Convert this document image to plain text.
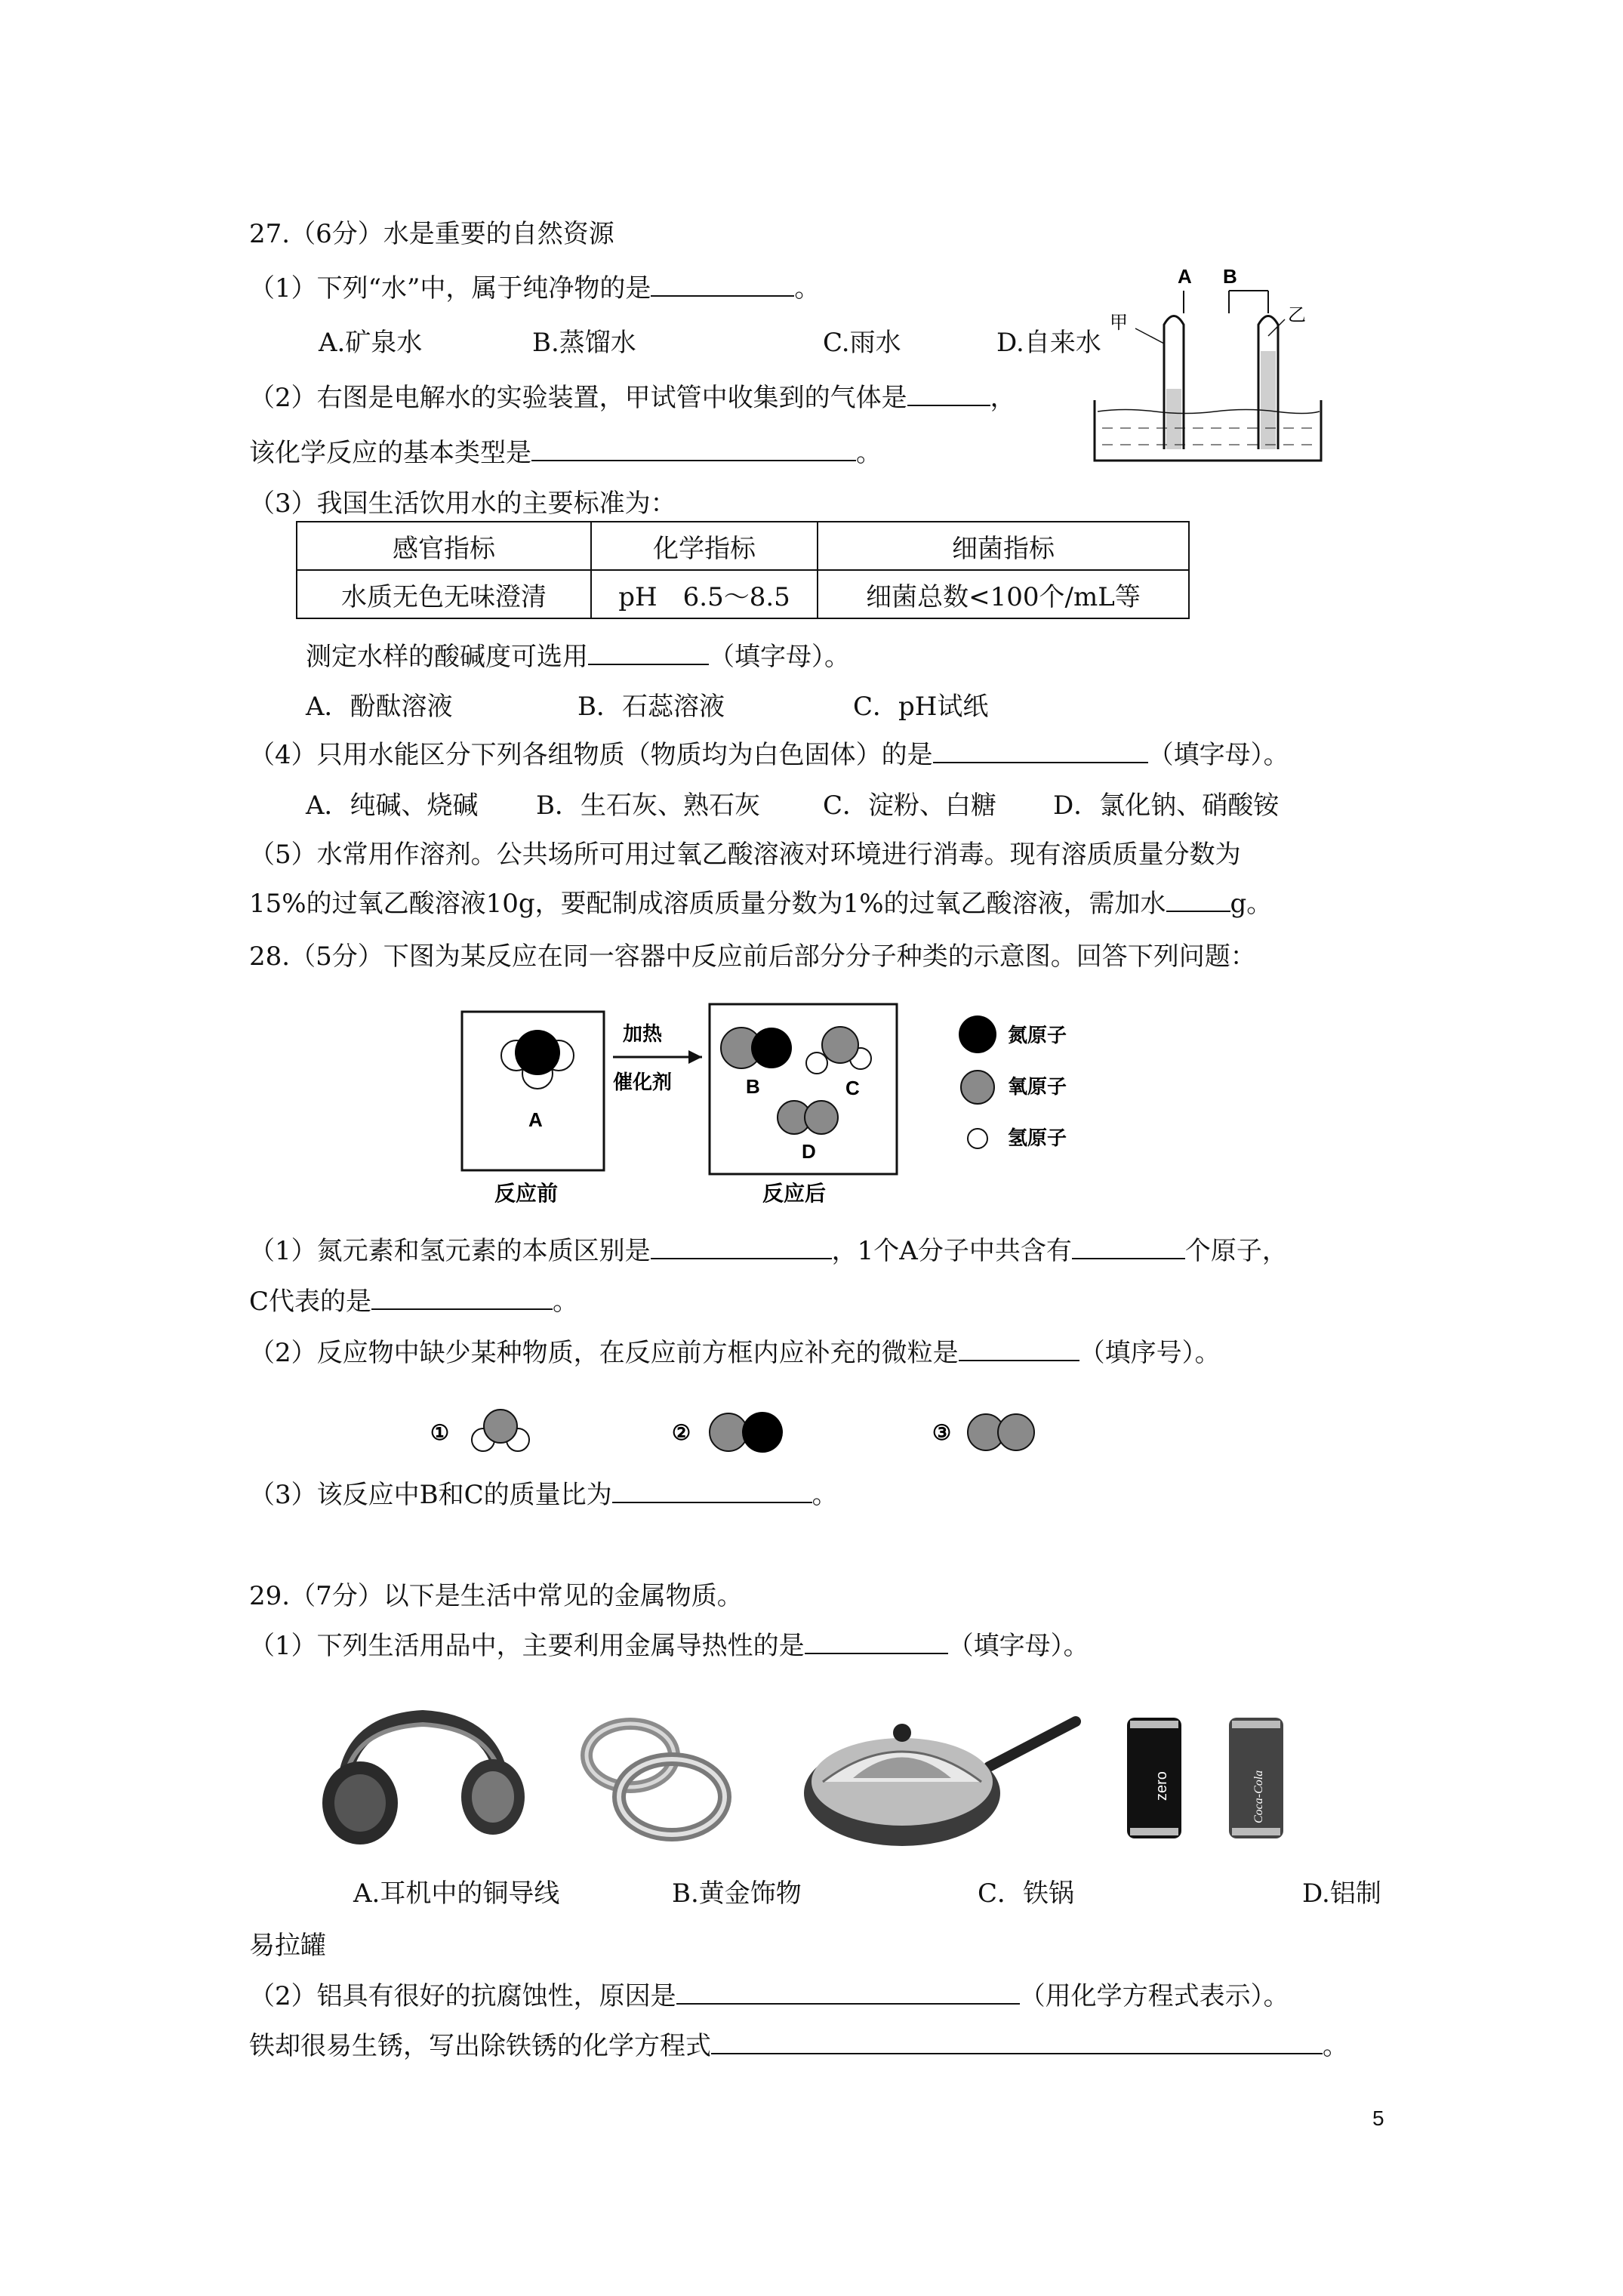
27.（6分）水是重要的自然资源
（1）下列“水”中，属于纯净物的是	。
A.矿泉水	B.蒸馏水	C.雨水	D.自来水
A B
甲	乙
（2）右图是电解水的实验装置，甲试管中收集到的气体是	，
该化学反应的基本类型是	。
（3）我国生活饮用水的主要标准为：
感官指标	化学指标	细菌指标
水质无色无味澄清	pH　6.5～8.5	细菌总数<100个/mL等
测定水样的酸碱度可选用	（填字母）。
A．酚酞溶液	B．石蕊溶液	C．pH试纸
（4）只用水能区分下列各组物质（物质均为白色固体）的是	（填字母）。
A．纯碱、烧碱 B．生石灰、熟石灰 C．淀粉、白糖 D．氯化钠、硝酸铵
（5）水常用作溶剂。公共场所可用过氧乙酸溶液对环境进行消毒。现有溶质质量分数为
15%的过氧乙酸溶液10g，要配制成溶质质量分数为1%的过氧乙酸溶液，需加水	g。
28.（5分）下图为某反应在同一容器中反应前后部分分子种类的示意图。回答下列问题：
A
反应前
加热
催化剂	B	C
D
反应后
氮原子
氧原子
氢原子
（1）氮元素和氢元素的本质区别是	，1个A分子中共含有	个原子，
C代表的是	。
（2）反应物中缺少某种物质，在反应前方框内应补充的微粒是	（填序号）。
①	②	③
（3）该反应中B和C的质量比为	。
29.（7分）以下是生活中常见的金属物质。
（1）下列生活用品中，主要利用金属导热性的是	（填字母）。
zero	Coca-Cola
A.耳机中的铜导线	B.黄金饰物	C．铁锅	D.铝制
易拉罐
（2）铝具有很好的抗腐蚀性，原因是	（用化学方程式表示）。
铁却很易生锈，写出除铁锈的化学方程式	。
5
